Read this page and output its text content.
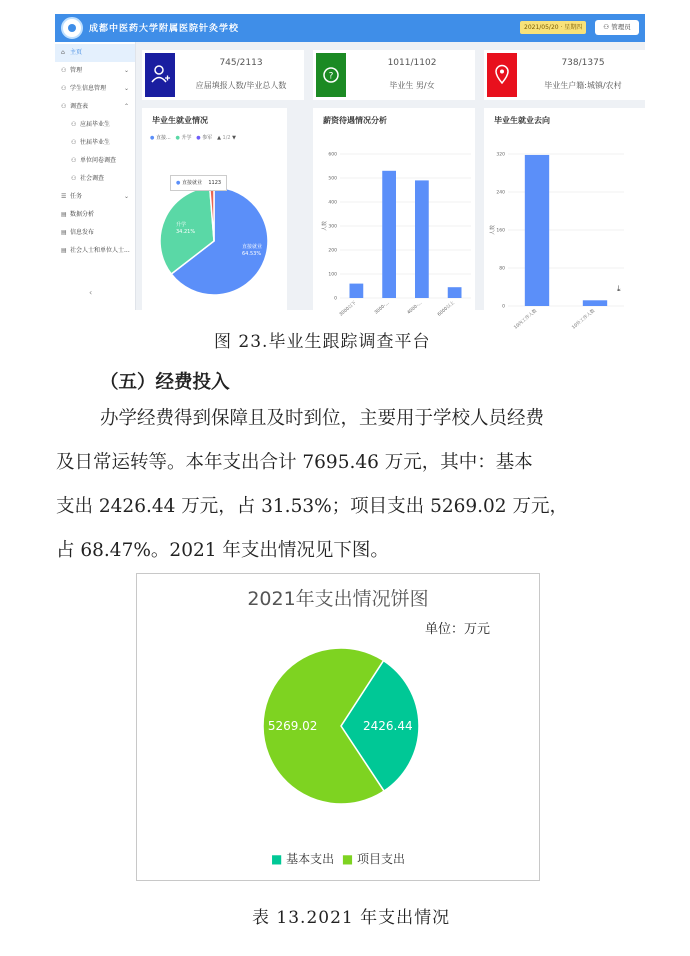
成都中医药大学附属医院针灸学校	2021/05/20 · 星期四	⚇ 管理员
⌂ 主页
⚇ 管理	⌄
⚇ 学生信息管理	⌄
⚇ 调查表	⌃
⚇ 应届毕业生
⚇ 往届毕业生
⚇ 单位问卷调查
⚇ 社会调查
☰ 任务	⌄
▤ 数据分析
▤ 信息发布
▤ 社会人士和单位人士...
‹
745/2113
应届填报人数/毕业总人数
?
1011/1102
毕业生 男/女
738/1375
毕业生户籍:城镇/农村
毕业生就业情况
● 直接... ● 升学 ● 参军 ▲ 1/2 ▼
● 直接就业 1123
直接就业
64.53%
升学
34.21%
薪资待遇情况分析
0
100
200
300
400
500
600
3000以下	3000-...	4000-...	6000以上
人数
毕业生就业去向
0
80
160
240
320
10內工作人数	10外工作人数
人数
⤓
图 23.毕业生跟踪调查平台
（五）经费投入
办学经费得到保障且及时到位，主要用于学校人员经费
及日常运转等。本年支出合计 7695.46 万元，其中：基本
支出 2426.44 万元，占 31.53%；项目支出 5269.02 万元，
占 68.47%。2021 年支出情况见下图。
2021年支出情况饼图
单位：万元
2426.44
5269.02
■ 基本支出 ■ 项目支出
表 13.2021 年支出情况
